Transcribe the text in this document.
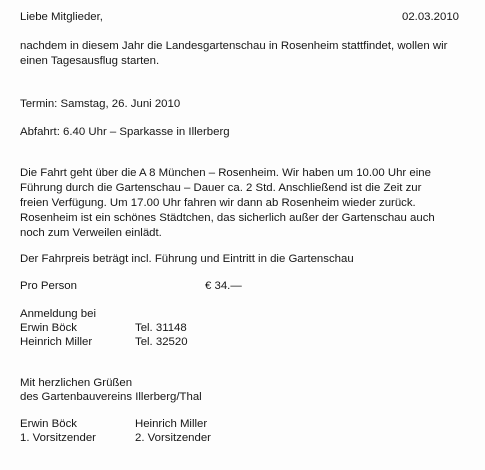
Liebe Mitglieder,	02.03.2010
nachdem in diesem Jahr die Landesgartenschau in Rosenheim stattfindet, wollen wir
einen Tagesausflug starten.
Termin: Samstag, 26. Juni 2010
Abfahrt: 6.40 Uhr – Sparkasse in Illerberg
Die Fahrt geht über die A 8 München – Rosenheim. Wir haben um 10.00 Uhr eine
Führung durch die Gartenschau – Dauer ca. 2 Std. Anschließend ist die Zeit zur
freien Verfügung. Um 17.00 Uhr fahren wir dann ab Rosenheim wieder zurück.
Rosenheim ist ein schönes Städtchen, das sicherlich außer der Gartenschau auch
noch zum Verweilen einlädt.
Der Fahrpreis beträgt incl. Führung und Eintritt in die Gartenschau
Pro Person	€ 34.—
Anmeldung bei
Erwin Böck	Tel. 31148
Heinrich Miller	Tel. 32520
Mit herzlichen Grüßen
des Gartenbauvereins Illerberg/Thal
Erwin Böck	Heinrich Miller
1. Vorsitzender	2. Vorsitzender
